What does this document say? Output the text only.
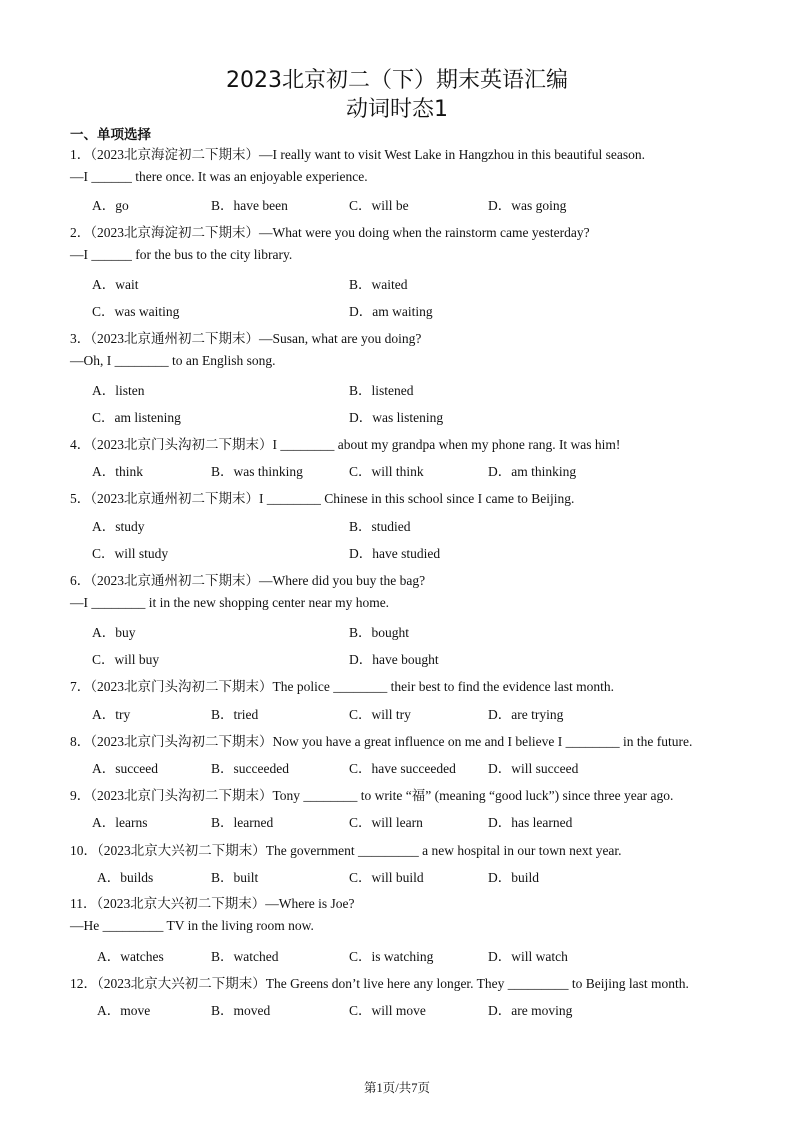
2023北京初二（下）期末英语汇编
动词时态1
一、单项选择
1．（2023北京海淀初二下期末）—I really want to visit West Lake in Hangzhou in this beautiful season.
—I ______ there once. It was an enjoyable experience.
A．go	B．have been	C．will be	D．was going
2．（2023北京海淀初二下期末）—What were you doing when the rainstorm came yesterday?
—I ______ for the bus to the city library.
A．wait	B．waited
C．was waiting	D．am waiting
3．（2023北京通州初二下期末）—Susan, what are you doing?
—Oh, I ________ to an English song.
A．listen	B．listened
C．am listening	D．was listening
4．（2023北京门头沟初二下期末）I ________ about my grandpa when my phone rang. It was him!
A．think	B．was thinking	C．will think	D．am thinking
5．（2023北京通州初二下期末）I ________ Chinese in this school since I came to Beijing.
A．study	B．studied
C．will study	D．have studied
6．（2023北京通州初二下期末）—Where did you buy the bag?
—I ________ it in the new shopping center near my home.
A．buy	B．bought
C．will buy	D．have bought
7．（2023北京门头沟初二下期末）The police ________ their best to find the evidence last month.
A．try	B．tried	C．will try	D．are trying
8．（2023北京门头沟初二下期末）Now you have a great influence on me and I believe I ________ in the future.
A．succeed	B．succeeded	C．have succeeded D．will succeed
9．（2023北京门头沟初二下期末）Tony ________ to write “福” (meaning “good luck”) since three year ago.
A．learns	B．learned	C．will learn	D．has learned
10．（2023北京大兴初二下期末）The government _________ a new hospital in our town next year.
A．builds	B．built	C．will build	D．build
11．（2023北京大兴初二下期末）—Where is Joe?
—He _________ TV in the living room now.
A．watches	B．watched	C．is watching	D．will watch
12．（2023北京大兴初二下期末）The Greens don’t live here any longer. They _________ to Beijing last month.
A．move	B．moved	C．will move	D．are moving
第1页/共7页
